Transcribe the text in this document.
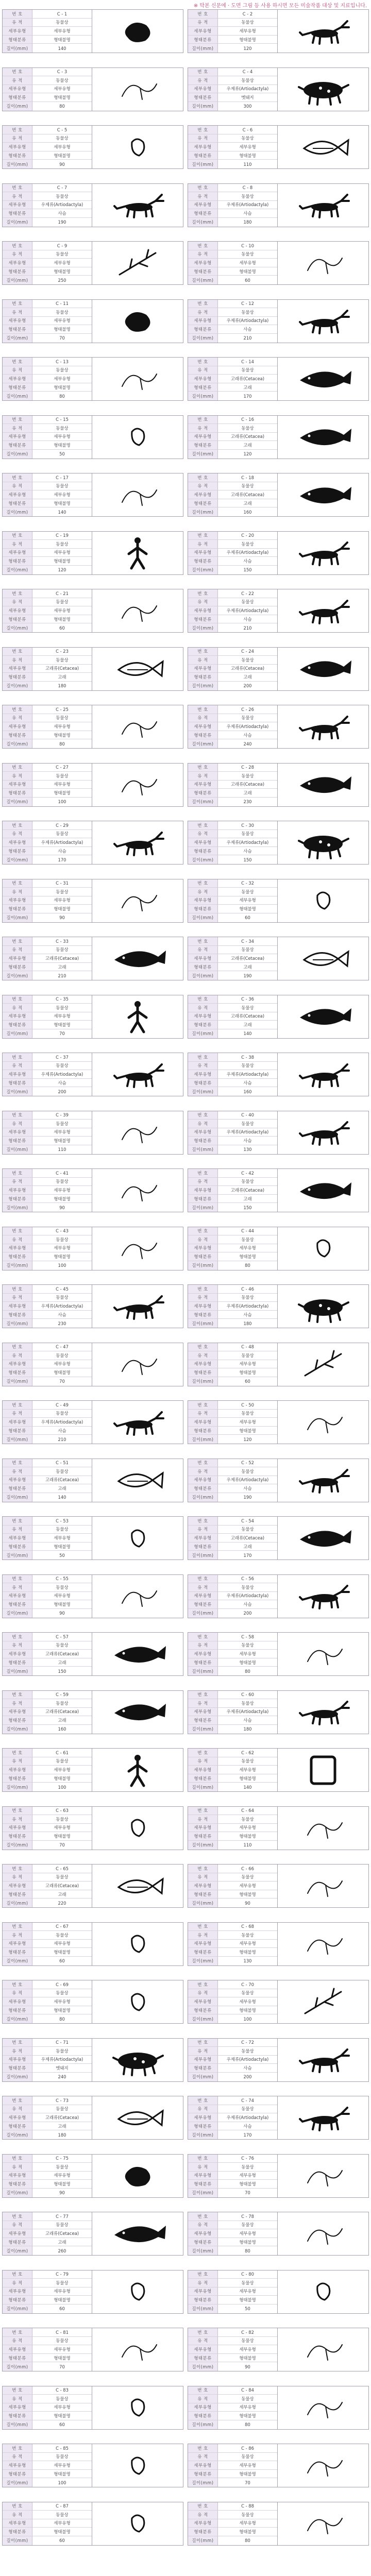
※ 탁본 신문에 · 도면 그림 등 사용 하시면 모든 미술작품 대상 및 지료입니다.
번 호	C - 1
유 적	동물상
세부유형	세부유형
형태분류	형태불명
길이(mm)	140
번 호	C - 2
유 적	동물상
세부유형	세부유형
형태분류	형태불명
길이(mm)	120
번 호	C - 3
유 적	동물상
세부유형	세부유형
형태분류	형태불명
길이(mm)	80
번 호	C - 4
유 적	동물상
세부유형	우제류(Artiodactyla)
형태분류	멧돼지
길이(mm)	300
번 호	C - 5
유 적	동물상
세부유형	세부유형
형태분류	형태불명
길이(mm)	90
번 호	C - 6
유 적	동물상
세부유형	세부유형
형태분류	형태불명
길이(mm)	110
번 호	C - 7
유 적	동물상
세부유형	우제류(Artiodactyla)
형태분류	사슴
길이(mm)	190
번 호	C - 8
유 적	동물상
세부유형	우제류(Artiodactyla)
형태분류	사슴
길이(mm)	180
번 호	C - 9
유 적	동물상
세부유형	세부유형
형태분류	형태불명
길이(mm)	250
번 호	C - 10
유 적	동물상
세부유형	세부유형
형태분류	형태불명
길이(mm)	60
번 호	C - 11
유 적	동물상
세부유형	세부유형
형태분류	형태불명
길이(mm)	70
번 호	C - 12
유 적	동물상
세부유형	우제류(Artiodactyla)
형태분류	사슴
길이(mm)	210
번 호	C - 13
유 적	동물상
세부유형	세부유형
형태분류	형태불명
길이(mm)	80
번 호	C - 14
유 적	동물상
세부유형	고래류(Cetacea)
형태분류	고래
길이(mm)	170
번 호	C - 15
유 적	동물상
세부유형	세부유형
형태분류	형태불명
길이(mm)	50
번 호	C - 16
유 적	동물상
세부유형	고래류(Cetacea)
형태분류	고래
길이(mm)	120
번 호	C - 17
유 적	동물상
세부유형	세부유형
형태분류	형태불명
길이(mm)	140
번 호	C - 18
유 적	동물상
세부유형	고래류(Cetacea)
형태분류	고래
길이(mm)	160
번 호	C - 19
유 적	동물상
세부유형	세부유형
형태분류	형태불명
길이(mm)	120
번 호	C - 20
유 적	동물상
세부유형	우제류(Artiodactyla)
형태분류	사슴
길이(mm)	150
번 호	C - 21
유 적	동물상
세부유형	세부유형
형태분류	형태불명
길이(mm)	60
번 호	C - 22
유 적	동물상
세부유형	우제류(Artiodactyla)
형태분류	사슴
길이(mm)	210
번 호	C - 23
유 적	동물상
세부유형	고래류(Cetacea)
형태분류	고래
길이(mm)	180
번 호	C - 24
유 적	동물상
세부유형	고래류(Cetacea)
형태분류	고래
길이(mm)	200
번 호	C - 25
유 적	동물상
세부유형	세부유형
형태분류	형태불명
길이(mm)	80
번 호	C - 26
유 적	동물상
세부유형	우제류(Artiodactyla)
형태분류	사슴
길이(mm)	240
번 호	C - 27
유 적	동물상
세부유형	세부유형
형태분류	형태불명
길이(mm)	100
번 호	C - 28
유 적	동물상
세부유형	고래류(Cetacea)
형태분류	고래
길이(mm)	230
번 호	C - 29
유 적	동물상
세부유형	우제류(Artiodactyla)
형태분류	사슴
길이(mm)	170
번 호	C - 30
유 적	동물상
세부유형	우제류(Artiodactyla)
형태분류	사슴
길이(mm)	150
번 호	C - 31
유 적	동물상
세부유형	세부유형
형태분류	형태불명
길이(mm)	90
번 호	C - 32
유 적	동물상
세부유형	세부유형
형태분류	형태불명
길이(mm)	60
번 호	C - 33
유 적	동물상
세부유형	고래류(Cetacea)
형태분류	고래
길이(mm)	210
번 호	C - 34
유 적	동물상
세부유형	고래류(Cetacea)
형태분류	고래
길이(mm)	190
번 호	C - 35
유 적	동물상
세부유형	세부유형
형태분류	형태불명
길이(mm)	70
번 호	C - 36
유 적	동물상
세부유형	고래류(Cetacea)
형태분류	고래
길이(mm)	140
번 호	C - 37
유 적	동물상
세부유형	우제류(Artiodactyla)
형태분류	사슴
길이(mm)	200
번 호	C - 38
유 적	동물상
세부유형	우제류(Artiodactyla)
형태분류	사슴
길이(mm)	160
번 호	C - 39
유 적	동물상
세부유형	세부유형
형태분류	형태불명
길이(mm)	110
번 호	C - 40
유 적	동물상
세부유형	우제류(Artiodactyla)
형태분류	사슴
길이(mm)	130
번 호	C - 41
유 적	동물상
세부유형	세부유형
형태분류	형태불명
길이(mm)	90
번 호	C - 42
유 적	동물상
세부유형	고래류(Cetacea)
형태분류	고래
길이(mm)	150
번 호	C - 43
유 적	동물상
세부유형	세부유형
형태분류	형태불명
길이(mm)	100
번 호	C - 44
유 적	동물상
세부유형	세부유형
형태분류	형태불명
길이(mm)	80
번 호	C - 45
유 적	동물상
세부유형	우제류(Artiodactyla)
형태분류	사슴
길이(mm)	230
번 호	C - 46
유 적	동물상
세부유형	우제류(Artiodactyla)
형태분류	사슴
길이(mm)	180
번 호	C - 47
유 적	동물상
세부유형	세부유형
형태분류	형태불명
길이(mm)	70
번 호	C - 48
유 적	동물상
세부유형	세부유형
형태분류	형태불명
길이(mm)	60
번 호	C - 49
유 적	동물상
세부유형	우제류(Artiodactyla)
형태분류	사슴
길이(mm)	210
번 호	C - 50
유 적	동물상
세부유형	세부유형
형태분류	형태불명
길이(mm)	120
번 호	C - 51
유 적	동물상
세부유형	고래류(Cetacea)
형태분류	고래
길이(mm)	140
번 호	C - 52
유 적	동물상
세부유형	우제류(Artiodactyla)
형태분류	사슴
길이(mm)	190
번 호	C - 53
유 적	동물상
세부유형	세부유형
형태분류	형태불명
길이(mm)	50
번 호	C - 54
유 적	동물상
세부유형	고래류(Cetacea)
형태분류	고래
길이(mm)	170
번 호	C - 55
유 적	동물상
세부유형	세부유형
형태분류	형태불명
길이(mm)	90
번 호	C - 56
유 적	동물상
세부유형	우제류(Artiodactyla)
형태분류	사슴
길이(mm)	200
번 호	C - 57
유 적	동물상
세부유형	고래류(Cetacea)
형태분류	고래
길이(mm)	150
번 호	C - 58
유 적	동물상
세부유형	세부유형
형태분류	형태불명
길이(mm)	80
번 호	C - 59
유 적	동물상
세부유형	고래류(Cetacea)
형태분류	고래
길이(mm)	160
번 호	C - 60
유 적	동물상
세부유형	우제류(Artiodactyla)
형태분류	사슴
길이(mm)	180
번 호	C - 61
유 적	동물상
세부유형	세부유형
형태분류	형태불명
길이(mm)	100
번 호	C - 62
유 적	동물상
세부유형	세부유형
형태분류	형태불명
길이(mm)	140
번 호	C - 63
유 적	동물상
세부유형	세부유형
형태분류	형태불명
길이(mm)	70
번 호	C - 64
유 적	동물상
세부유형	세부유형
형태분류	형태불명
길이(mm)	110
번 호	C - 65
유 적	동물상
세부유형	고래류(Cetacea)
형태분류	고래
길이(mm)	220
번 호	C - 66
유 적	동물상
세부유형	세부유형
형태분류	형태불명
길이(mm)	90
번 호	C - 67
유 적	동물상
세부유형	세부유형
형태분류	형태불명
길이(mm)	60
번 호	C - 68
유 적	동물상
세부유형	세부유형
형태분류	형태불명
길이(mm)	130
번 호	C - 69
유 적	동물상
세부유형	세부유형
형태분류	형태불명
길이(mm)	80
번 호	C - 70
유 적	동물상
세부유형	세부유형
형태분류	형태불명
길이(mm)	100
번 호	C - 71
유 적	동물상
세부유형	우제류(Artiodactyla)
형태분류	멧돼지
길이(mm)	240
번 호	C - 72
유 적	동물상
세부유형	우제류(Artiodactyla)
형태분류	사슴
길이(mm)	200
번 호	C - 73
유 적	동물상
세부유형	고래류(Cetacea)
형태분류	고래
길이(mm)	180
번 호	C - 74
유 적	동물상
세부유형	우제류(Artiodactyla)
형태분류	사슴
길이(mm)	170
번 호	C - 75
유 적	동물상
세부유형	세부유형
형태분류	형태불명
길이(mm)	90
번 호	C - 76
유 적	동물상
세부유형	세부유형
형태분류	형태불명
길이(mm)	70
번 호	C - 77
유 적	동물상
세부유형	고래류(Cetacea)
형태분류	고래
길이(mm)	260
번 호	C - 78
유 적	동물상
세부유형	세부유형
형태분류	형태불명
길이(mm)	80
번 호	C - 79
유 적	동물상
세부유형	세부유형
형태분류	형태불명
길이(mm)	60
번 호	C - 80
유 적	동물상
세부유형	세부유형
형태분류	형태불명
길이(mm)	50
번 호	C - 81
유 적	동물상
세부유형	세부유형
형태분류	형태불명
길이(mm)	70
번 호	C - 82
유 적	동물상
세부유형	세부유형
형태분류	형태불명
길이(mm)	90
번 호	C - 83
유 적	동물상
세부유형	세부유형
형태분류	형태불명
길이(mm)	60
번 호	C - 84
유 적	동물상
세부유형	세부유형
형태분류	형태불명
길이(mm)	80
번 호	C - 85
유 적	동물상
세부유형	세부유형
형태분류	형태불명
길이(mm)	100
번 호	C - 86
유 적	동물상
세부유형	세부유형
형태분류	형태불명
길이(mm)	70
번 호	C - 87
유 적	동물상
세부유형	세부유형
형태분류	형태불명
길이(mm)	60
번 호	C - 88
유 적	동물상
세부유형	세부유형
형태분류	형태불명
길이(mm)	80
